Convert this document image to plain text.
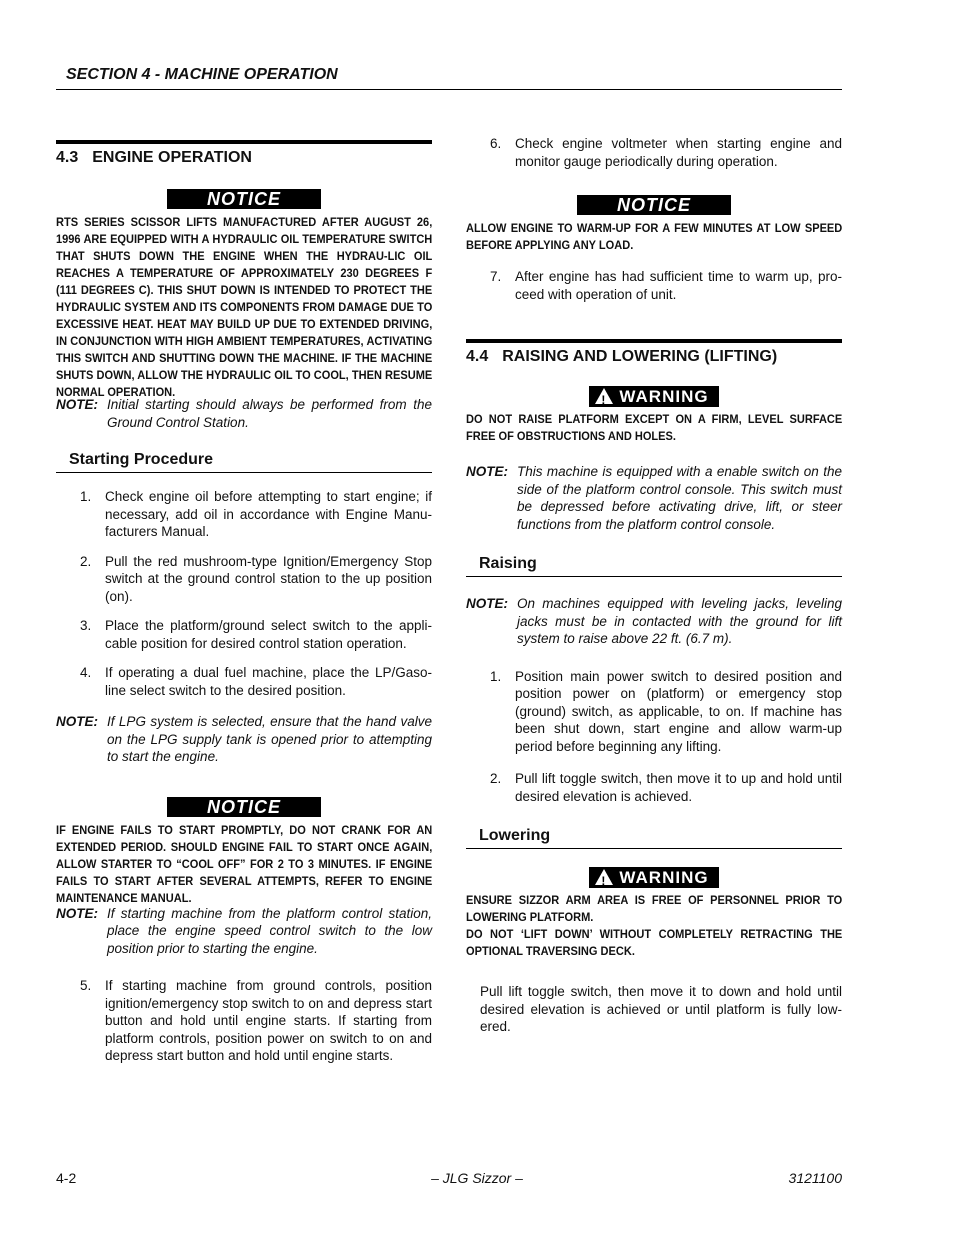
SECTION 4 - MACHINE OPERATION
4.3 ENGINE OPERATION
NOTICE
RTS SERIES SCISSOR LIFTS MANUFACTURED AFTER AUGUST 26, 1996 ARE EQUIPPED WITH A HYDRAULIC OIL TEMPERATURE SWITCH THAT SHUTS DOWN THE ENGINE WHEN THE HYDRAU-LIC OIL REACHES A TEMPERATURE OF APPROXIMATELY 230 DEGREES F (111 DEGREES C). THIS SHUT DOWN IS INTENDED TO PROTECT THE HYDRAULIC SYSTEM AND ITS COMPONENTS FROM DAMAGE DUE TO EXCESSIVE HEAT. HEAT MAY BUILD UP DUE TO EXTENDED DRIVING, IN CONJUNCTION WITH HIGH AMBIENT TEMPERATURES, ACTIVATING THIS SWITCH AND SHUTTING DOWN THE MACHINE. IF THE MACHINE SHUTS DOWN, ALLOW THE HYDRAULIC OIL TO COOL, THEN RESUME NORMAL OPERATION.
NOTE: Initial starting should always be performed from the Ground Control Station.
Starting Procedure
1.	Check engine oil before attempting to start engine; if necessary, add oil in accordance with Engine Manu-facturers Manual.
2.	Pull the red mushroom-type Ignition/Emergency Stop switch at the ground control station to the up position (on).
3.	Place the platform/ground select switch to the appli-cable position for desired control station operation.
4.	If operating a dual fuel machine, place the LP/Gaso-line select switch to the desired position.
NOTE: If LPG system is selected, ensure that the hand valve on the LPG supply tank is opened prior to attempting to start the engine.
NOTICE
IF ENGINE FAILS TO START PROMPTLY, DO NOT CRANK FOR AN EXTENDED PERIOD. SHOULD ENGINE FAIL TO START ONCE AGAIN, ALLOW STARTER TO “COOL OFF” FOR 2 TO 3 MINUTES. IF ENGINE FAILS TO START AFTER SEVERAL ATTEMPTS, REFER TO ENGINE MAINTENANCE MANUAL.
NOTE: If starting machine from the platform control station, place the engine speed control switch to the low position prior to starting the engine.
5.	If starting machine from ground controls, position ignition/emergency stop switch to on and depress start button and hold until engine starts. If starting from platform controls, position power on switch to on and depress start button and hold until engine starts.
6.	Check engine voltmeter when starting engine and monitor gauge periodically during operation.
NOTICE
ALLOW ENGINE TO WARM-UP FOR A FEW MINUTES AT LOW SPEED BEFORE APPLYING ANY LOAD.
7.	After engine has had sufficient time to warm up, pro-ceed with operation of unit.
4.4 RAISING AND LOWERING (LIFTING)
!WARNING
DO NOT RAISE PLATFORM EXCEPT ON A FIRM, LEVEL SURFACE FREE OF OBSTRUCTIONS AND HOLES.
NOTE: This machine is equipped with a enable switch on the side of the platform control console. This switch must be depressed before activating drive, lift, or steer functions from the platform control console.
Raising
NOTE: On machines equipped with leveling jacks, leveling jacks must be in contacted with the ground for lift system to raise above 22 ft. (6.7 m).
1.	Position main power switch to desired position and position power on (platform) or emergency stop (ground) switch, as applicable, to on. If machine has been shut down, start engine and allow warm-up period before beginning any lifting.
2.	Pull lift toggle switch, then move it to up and hold until desired elevation is achieved.
Lowering
!WARNING
ENSURE SIZZOR ARM AREA IS FREE OF PERSONNEL PRIOR TO LOWERING PLATFORM.
DO NOT ‘LIFT DOWN’ WITHOUT COMPLETELY RETRACTING THE OPTIONAL TRAVERSING DECK.
Pull lift toggle switch, then move it to down and hold until desired elevation is achieved or until platform is fully low-ered.
4-2	– JLG Sizzor –	3121100
